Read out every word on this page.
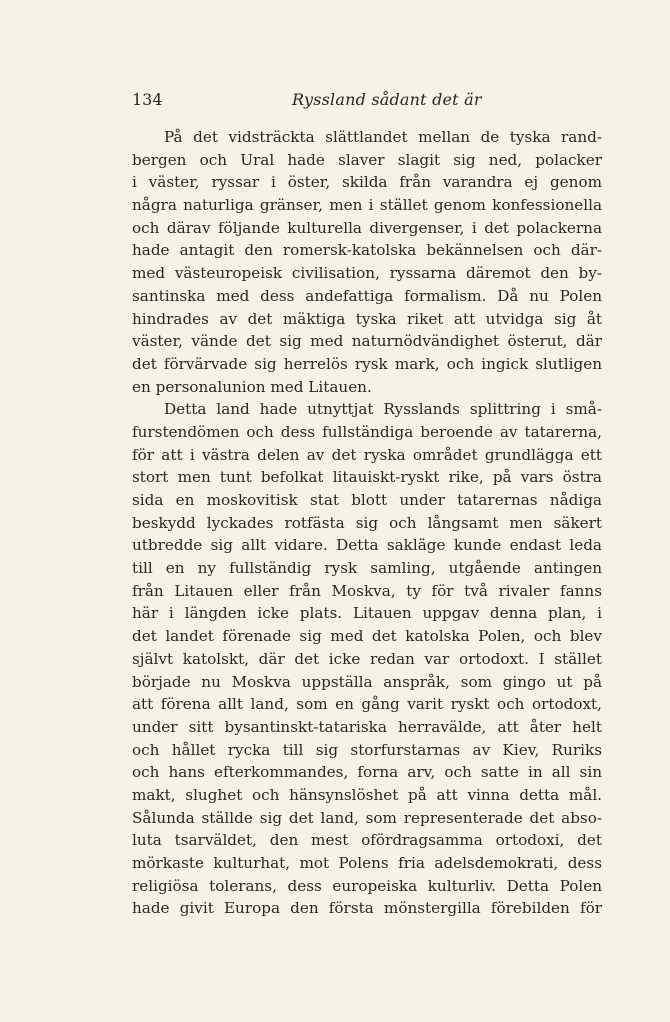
134	Ryssland sådant det är
På det vidsträckta slättlandet mellan de tyska rand-
bergen och Ural hade slaver slagit sig ned, polacker
i väster, ryssar i öster, skilda från varandra ej genom
några naturliga gränser, men i stället genom konfessionella
och därav följande kulturella divergenser, i det polackerna
hade antagit den romersk-katolska bekännelsen och där-
med västeuropeisk civilisation, ryssarna däremot den by-
santinska med dess andefattiga formalism. Då nu Polen
hindrades av det mäktiga tyska riket att utvidga sig åt
väster, vände det sig med naturnödvändighet österut, där
det förvärvade sig herrelös rysk mark, och ingick slutligen
en personalunion med Litauen.
Detta land hade utnyttjat Rysslands splittring i små-
furstendömen och dess fullständiga beroende av tatarerna,
för att i västra delen av det ryska området grundlägga ett
stort men tunt befolkat litauiskt-ryskt rike, på vars östra
sida en moskovitisk stat blott under tatarernas nådiga
beskydd lyckades rotfästa sig och långsamt men säkert
utbredde sig allt vidare. Detta sakläge kunde endast leda
till en ny fullständig rysk samling, utgående antingen
från Litauen eller från Moskva, ty för två rivaler fanns
här i längden icke plats. Litauen uppgav denna plan, i
det landet förenade sig med det katolska Polen, och blev
självt katolskt, där det icke redan var ortodoxt. I stället
började nu Moskva uppställa anspråk, som gingo ut på
att förena allt land, som en gång varit ryskt och ortodoxt,
under sitt bysantinskt-tatariska herravälde, att åter helt
och hållet rycka till sig storfurstarnas av Kiev, Ruriks
och hans efterkommandes, forna arv, och satte in all sin
makt, slughet och hänsynslöshet på att vinna detta mål.
Sålunda ställde sig det land, som representerade det abso-
luta tsarväldet, den mest ofördragsamma ortodoxi, det
mörkaste kulturhat, mot Polens fria adelsdemokrati, dess
religiösa tolerans, dess europeiska kulturliv. Detta Polen
hade givit Europa den första mönstergilla förebilden för
